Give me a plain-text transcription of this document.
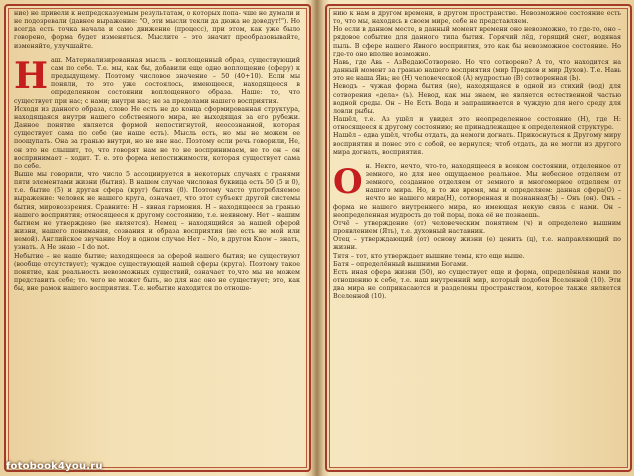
ние) не привели к непредсказуемым результатам, о которых попа- чше не думали и не подозревали (давнее выражение: "О, эти мысли текли да дюжа не доведут!"). Но всегда есть точка начала и само движение (процесс), при этом, как уже было говорено, форма будет изменяться. Мыслите – это значит преобразовывайте, изменяйте, улучшайте.

Н аш. Материализированная мысль – воплощенный образ, существующий сам по себе. Т.е. мы, как бы, добавили еще одно воплощение (сферу) к предыдущему. Поэтому числовое значение – 50 (40+10). Если мы поняли, то это уже состоялось, имеющееся, находящееся в определенном состоянии воплощенного образа. Наше: то, что существует при нас; с нами; внутри нас; не за пределами нашего восприятия.

Исходя из данного образа, слово Не есть не до конца сформированная структура, находящаяся внутри нашего собственного мира, не выходящая за его рубежи. Данное понятие является формой непостигнутой, неосознанной, которая существует сама по себе (не наше есть). Мысль есть, но мы не можем ее поощупать. Она за гранью внутри, но не вне нас. Поэтому если речь говорили, Не, он это не слышит, то, что говорят нам не то не воспринимаем, не то он – он воспринимает – ходит. Т. е. это форма непостижимости, которая существует сама по себе.

Выше мы говорили, что число 5 ассоциируется в некоторых случаях с гранями пяти элементами жизни (бытия). В нашем случае числовая буквица есть 50 (5 и 0), т.е. бытие (5) и другая сфера (круг) бытия (0). Поэтому часто употребляемое выражение: человек не нашего круга, означает, что этот субъект другой системы бытия, мировоззрения. Сравните: Н – явная гармония. Н – находящееся за гранью нашего восприятия; относящееся к другому состоянию, т.е. неявному. Нет – нашим бытием не утверждено (не является). Немец – находящийся за нашей сферой жизни, нашего понимания, созвания и образа восприятия (не есть не мой или немой). Английское звучание Ноу в одном случае Нет – No, в другом Know – знать, узнать. А Не знаю – I do not.

Небытие – не наше бытие; находящееся за сферой нашего бытия; не существуют (вообще отсутствует); чуждое существующей нашей сферы (круга). Поэтому такое понятие, как реальность невозможных существий, означает то,что мы не можем представить себе; то. чего не может быть, но для нас оно не существует; это, как бы, вне рамок нашего восприятия. Т.е. небытие находится по отноше-

нию к нам в другом времени, в другом пространстве. Невозможное состояние есть то, что мы, находясь в своем мире, себе не представляем.

Но если в данном месте, в данный момент времени оно невозможно, то где-то, оно – рядовое событие для данного типа бытия. Горячий лёд, горящий снег, водяная пыль. В сфере нашего Явного восприятия, это как бы невозможное состояние. Но где-то оно вполне возможно.

Навь, где Авь – АзВедаюСотворено. Но что сотворено? А то, что находится на данный момент за гранью нашего восприятия (мир Предков и мир Духов). Т.е. Навь это не наша Явь; не (Н) человеческой (А) мудростью (В) сотворенная (Ь).

Неводъ – чужая форма бытия (не), находящаяся в одной из стихий (вод) для сотворения «дела» (ъ). Невод, как мы знаем, не является естественной частью водной среды. Он – Не Есть Вода и запрашивается в чуждую для него среду для ловли рыбы.

Нашёл, т.е. Аз ушёл и увидел это неопределенное состояние (Н), где Н: относящееся к другому состоянию; не принадлежащее к определенной структуре.

Нашёл – едва ушёл, чтобы отдать, да немоги догнать. Прикоснуться к Другому миру восприятия и понес это с собой, ее вернулся; чтоб отдать, да не могли из другого мира догнать, восприятия.

О н. Некто, нечто, что-то, находящееся в всеком состоянии, отделенное от земного, но для нее ощущаемое реальное. Мы небесное отделяем от земного, созданное отделяем от земного и многомерное отделяем от нашего мира. Но, в то же время, мы и определяем: данная сфера(О) – нечто не нашего мира(Н), сотворенная и познанная(Ъ) – Онъ (он). Онъ – форма не нашего внутреннего мира, но имеющая некую связь с нами. Он – неопределенная мудрость до той поры, пока её не познаешь.

Отчё – утверждение (от) человеческим понятием (ч) и определено вышним проявлением (Ять), т.е. духовный наставник.

Отец – утверждающий (от) основу жизни (е) ценить (ц), т.е. направляющий по жизни.

Тятя – тот, кто утверждает вышние темы, кто еще выше.

Батя – определённый вышними Богами.

Есть иная сфера жизни (50), но существует еще и форма, определённая нами по отношению к себе, т.е. наш внутренний мир, который подобен Вселенной (10). Эти два мира не соприкасаются и разделены пространством, которое также является Вселенной (10).

fotobook4you.ru
